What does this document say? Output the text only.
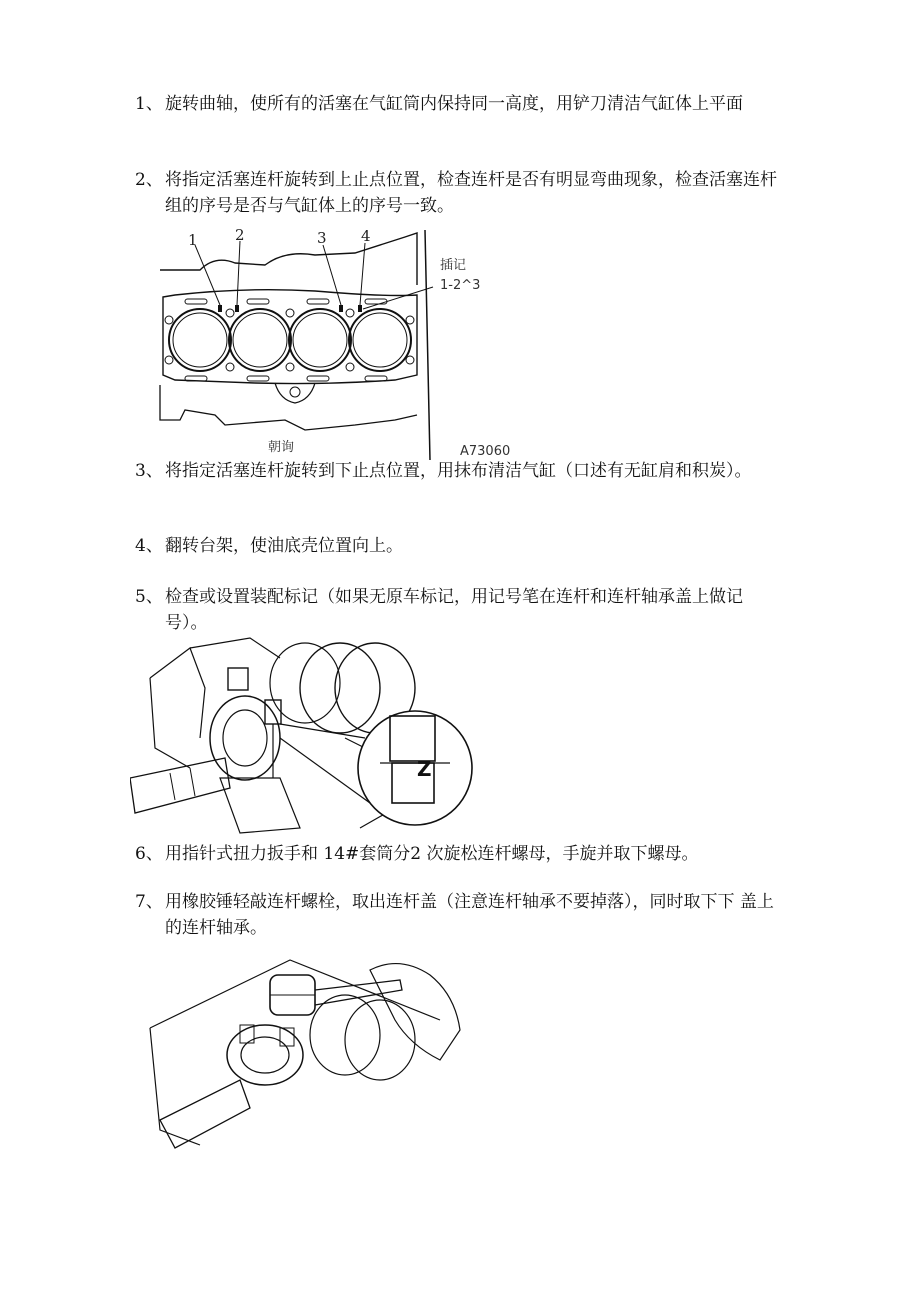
1、 旋转曲轴，使所有的活塞在气缸筒内保持同一高度，用铲刀清洁气缸体上平面
2、 将指定活塞连杆旋转到上止点位置，检查连杆是否有明显弯曲现象，检查活塞连杆组的序号是否与气缸体上的序号一致。
1 2	3 4
插记
1-2^3
朝询	A73060
3、 将指定活塞连杆旋转到下止点位置，用抹布清洁气缸（口述有无缸肩和积炭）。
4、 翻转台架，使油底壳位置向上。
5、 检查或设置装配标记（如果无原车标记，用记号笔在连杆和连杆轴承盖上做记号）。
Z
6、 用指针式扭力扳手和 14#套筒分2 次旋松连杆螺母，手旋并取下螺母。
7、 用橡胶锤轻敲连杆螺栓，取出连杆盖（注意连杆轴承不要掉落），同时取下下 盖上的连杆轴承。
